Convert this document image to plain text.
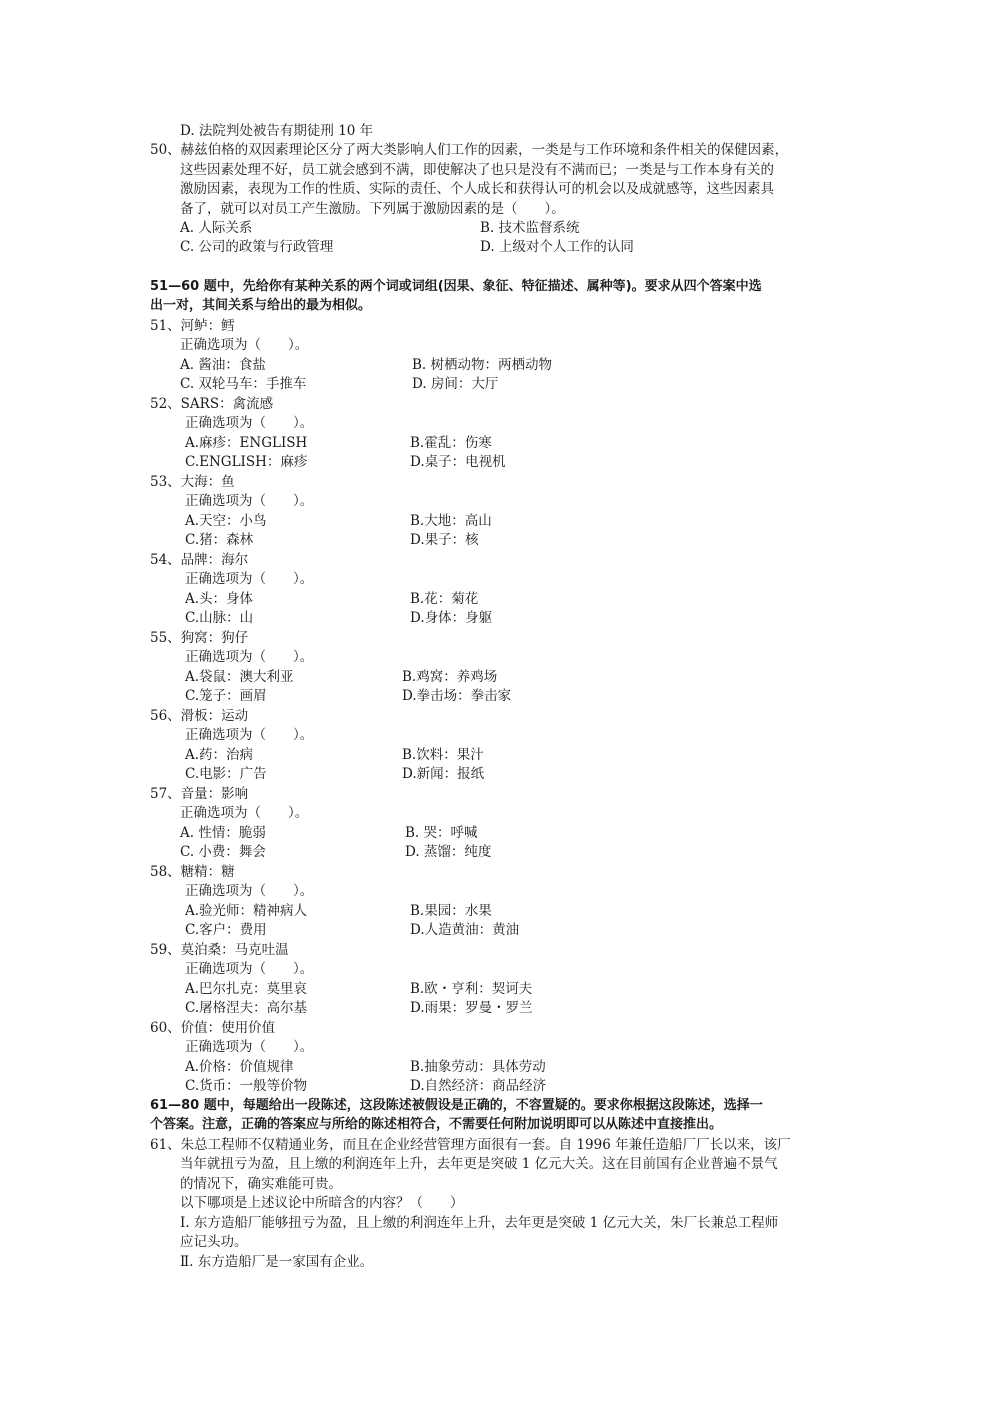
D. 法院判处被告有期徒刑 10 年
50、赫兹伯格的双因素理论区分了两大类影响人们工作的因素，一类是与工作环境和条件相关的保健因素，
这些因素处理不好，员工就会感到不满，即使解决了也只是没有不满而已；一类是与工作本身有关的
激励因素，表现为工作的性质、实际的责任、个人成长和获得认可的机会以及成就感等，这些因素具
备了，就可以对员工产生激励。下列属于激励因素的是（　　）。
A. 人际关系	B. 技术监督系统
C. 公司的政策与行政管理	D. 上级对个人工作的认同
51—60 题中，先给你有某种关系的两个词或词组(因果、象征、特征描述、属种等)。要求从四个答案中选
出一对，其间关系与给出的最为相似。
51、河鲈：鳕
正确选项为（　　）。
A. 酱油：食盐	B. 树栖动物：两栖动物
C. 双轮马车：手推车	D. 房间：大厅
52、SARS：禽流感
正确选项为（　　）。
A.麻疹：ENGLISH	B.霍乱：伤寒
C.ENGLISH：麻疹	D.桌子：电视机
53、大海：鱼
正确选项为（　　）。
A.天空：小鸟	B.大地：高山
C.猪：森林	D.果子：核
54、品牌：海尔
正确选项为（　　）。
A.头：身体	B.花：菊花
C.山脉：山	D.身体：身躯
55、狗窝：狗仔
正确选项为（　　）。
A.袋鼠：澳大利亚	B.鸡窝：养鸡场
C.笼子：画眉	D.拳击场：拳击家
56、滑板：运动
正确选项为（　　）。
A.药：治病	B.饮料：果汁
C.电影：广告	D.新闻：报纸
57、音量：影响
正确选项为（　　）。
A. 性情：脆弱	B. 哭：呼喊
C. 小费：舞会	D. 蒸馏：纯度
58、糖精：糖
正确选项为（　　）。
A.验光师：精神病人	B.果园：水果
C.客户：费用	D.人造黄油：黄油
59、莫泊桑：马克吐温
正确选项为（　　）。
A.巴尔扎克：莫里哀	B.欧・亨利：契诃夫
C.屠格涅夫：高尔基	D.雨果：罗曼・罗兰
60、价值：使用价值
正确选项为（　　）。
A.价格：价值规律	B.抽象劳动：具体劳动
C.货币：一般等价物	D.自然经济：商品经济
61—80 题中，每题给出一段陈述，这段陈述被假设是正确的，不容置疑的。要求你根据这段陈述，选择一
个答案。注意，正确的答案应与所给的陈述相符合，不需要任何附加说明即可以从陈述中直接推出。
61、朱总工程师不仅精通业务，而且在企业经营管理方面很有一套。自 1996 年兼任造船厂厂长以来，该厂
当年就扭亏为盈，且上缴的利润连年上升，去年更是突破 1 亿元大关。这在目前国有企业普遍不景气
的情况下，确实难能可贵。
以下哪项是上述议论中所暗含的内容？（　　）
Ⅰ. 东方造船厂能够扭亏为盈，且上缴的利润连年上升，去年更是突破 1 亿元大关，朱厂长兼总工程师
应记头功。
Ⅱ. 东方造船厂是一家国有企业。
